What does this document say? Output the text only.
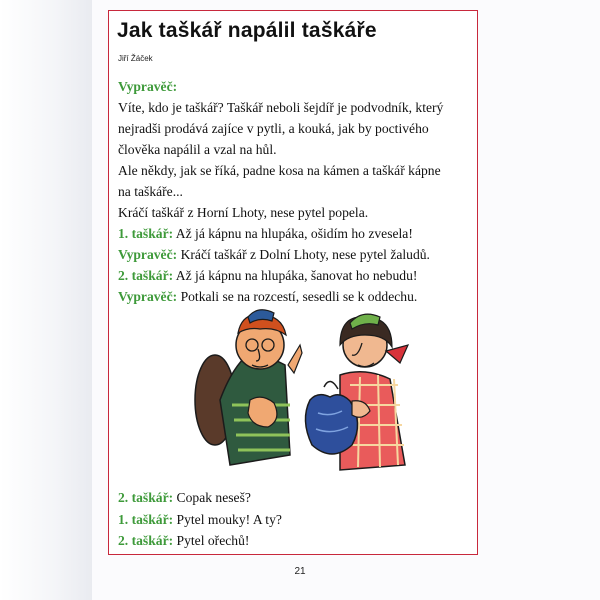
Jak taškář napálil taškáře
Jiří Žáček
Vypravěč:
Víte, kdo je taškář? Taškář neboli šejdíř je podvodník, který
nejradši prodává zajíce v pytli, a kouká, jak by poctivého
člověka napálil a vzal na hůl.
Ale někdy, jak se říká, padne kosa na kámen a taškář kápne
na taškáře...
Kráčí taškář z Horní Lhoty, nese pytel popela.
1. taškář: Až já kápnu na hlupáka, ošidím ho zvesela!
Vypravěč: Kráčí taškář z Dolní Lhoty, nese pytel žaludů.
2. taškář: Až já kápnu na hlupáka, šanovat ho nebudu!
Vypravěč: Potkali se na rozcestí, sesedli se k oddechu.
2. taškář: Copak neseš?
1. taškář: Pytel mouky! A ty?
2. taškář: Pytel ořechů!
21
